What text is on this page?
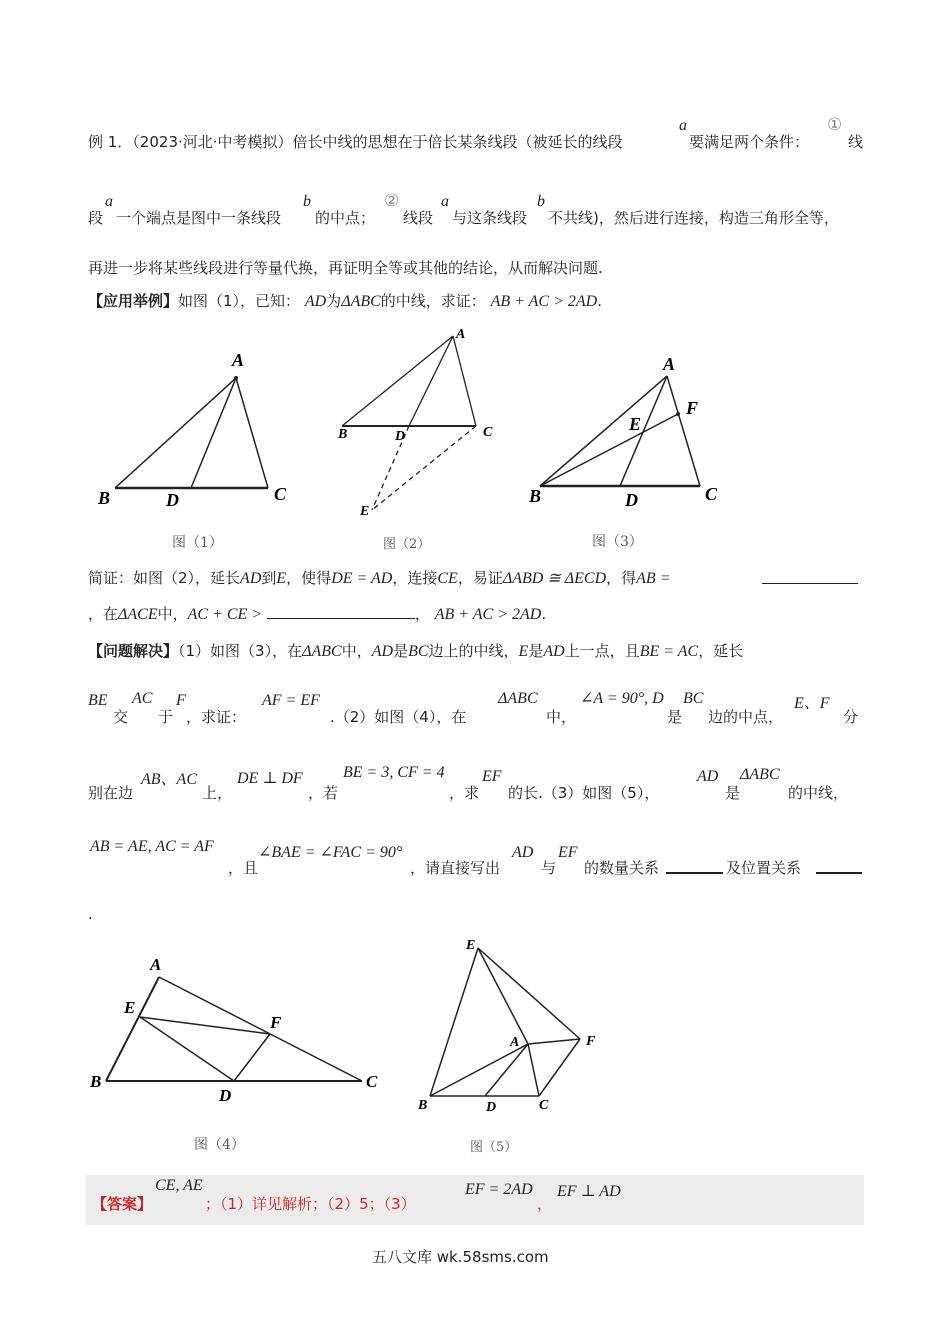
例 1．（2023·河北·中考模拟）倍长中线的思想在于倍长某条线段（被延长的线段
a
要满足两个条件：
①
线
段
a
一个端点是图中一条线段
b
的中点；
②
线段
a
与这条线段
b
不共线)，然后进行连接，构造三角形全等，
再进一步将某些线段进行等量代换，再证明全等或其他的结论，从而解决问题.
【应用举例】如图（1），已知： AD为ΔABC的中线，求证： AB + AC > 2AD.
A
B	D	C
图（1）
A
B	D	C
E
图（2）
A
F
E
B	D	C
图（3）
简证：如图（2），延长AD到E，使得DE = AD，连接CE，易证ΔABD ≅ ΔECD，得AB =
，在ΔACE中，AC + CE >	， AB + AC > 2AD.
【问题解决】（1）如图（3），在ΔABC中，AD是BC边上的中线，E是AD上一点，且BE = AC，延长
BE
交
AC
于
F
，求证：
AF = EF
.（2）如图（4），在
ΔABC
中，
∠A = 90°, D
是
BC
边的中点，
E、F
分
别在边
AB、AC
上，
DE ⊥ DF
，若
BE = 3, CF = 4
，求
EF
的长.（3）如图（5），
AD
是
ΔABC
的中线，
AB = AE, AC = AF
，且
∠BAE = ∠FAC = 90°
，请直接写出
AD
与
EF
的数量关系	及位置关系
.
A
E
F
B
D
C
图（4）
E
A	F
B	D	C
图（5）
【答案】
CE, AE
；（1）详见解析；（2）5；（3）
EF = 2AD
，
EF ⊥ AD
五八文库 wk.58sms.com
